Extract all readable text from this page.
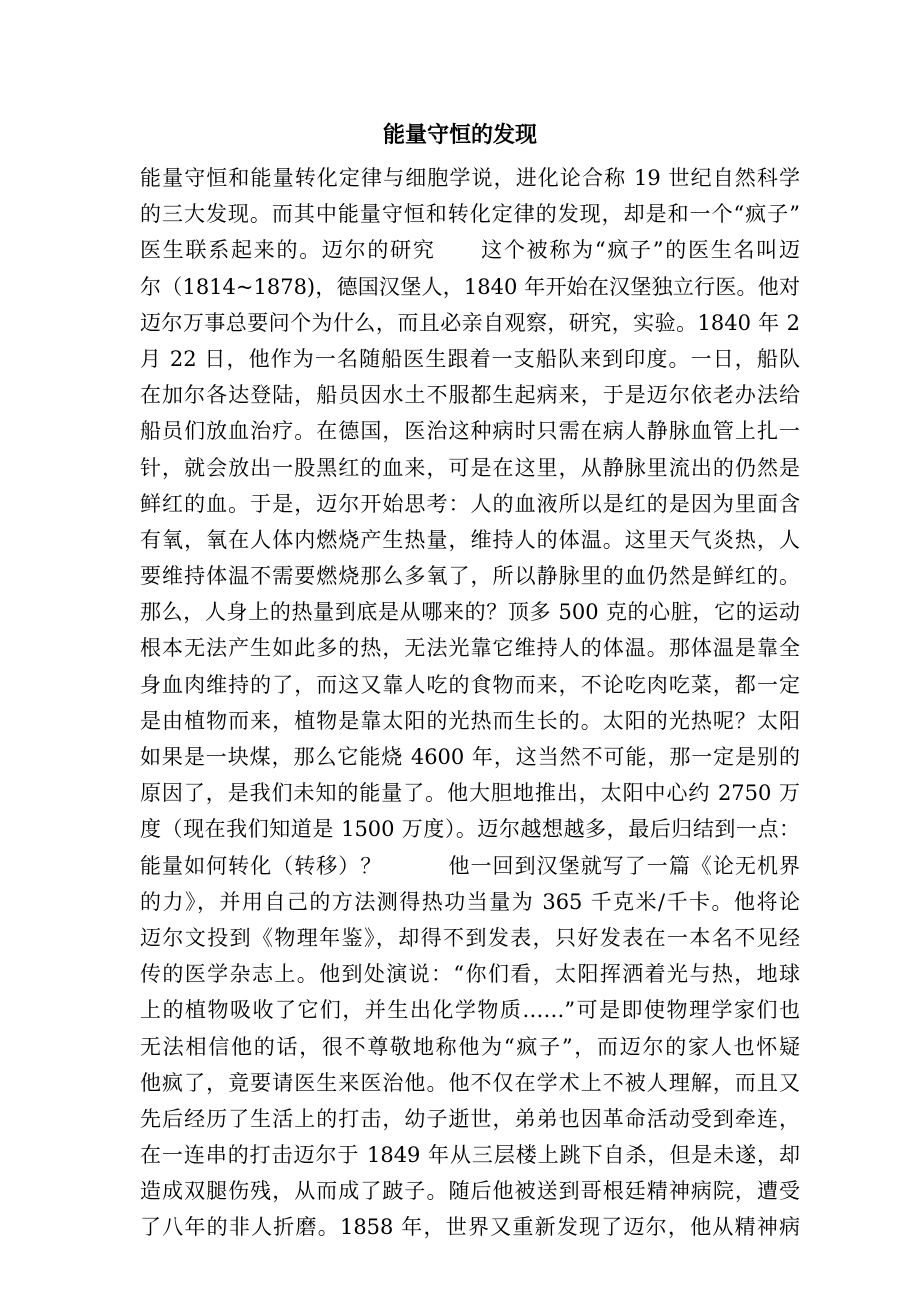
能量守恒的发现
能量守恒和能量转化定律与细胞学说，进化论合称 19 世纪自然科学
的三大发现。而其中能量守恒和转化定律的发现，却是和一个“疯子”
医生联系起来的。迈尔的研究　　这个被称为“疯子”的医生名叫迈
尔（1814~1878)，德国汉堡人，1840 年开始在汉堡独立行医。他对
迈尔万事总要问个为什么，而且必亲自观察，研究，实验。1840 年 2
月 22 日，他作为一名随船医生跟着一支船队来到印度。一日，船队
在加尔各达登陆，船员因水土不服都生起病来，于是迈尔依老办法给
船员们放血治疗。在德国，医治这种病时只需在病人静脉血管上扎一
针，就会放出一股黑红的血来，可是在这里，从静脉里流出的仍然是
鲜红的血。于是，迈尔开始思考：人的血液所以是红的是因为里面含
有氧，氧在人体内燃烧产生热量，维持人的体温。这里天气炎热，人
要维持体温不需要燃烧那么多氧了，所以静脉里的血仍然是鲜红的。
那么，人身上的热量到底是从哪来的？顶多 500 克的心脏，它的运动
根本无法产生如此多的热，无法光靠它维持人的体温。那体温是靠全
身血肉维持的了，而这又靠人吃的食物而来，不论吃肉吃菜，都一定
是由植物而来，植物是靠太阳的光热而生长的。太阳的光热呢？太阳
如果是一块煤，那么它能烧 4600 年，这当然不可能，那一定是别的
原因了，是我们未知的能量了。他大胆地推出，太阳中心约 2750 万
度（现在我们知道是 1500 万度）。迈尔越想越多，最后归结到一点：
能量如何转化（转移）？　　　他一回到汉堡就写了一篇《论无机界
的力》，并用自己的方法测得热功当量为 365 千克米/千卡。他将论
迈尔文投到《物理年鉴》，却得不到发表，只好发表在一本名不见经
传的医学杂志上。他到处演说：“你们看，太阳挥洒着光与热，地球
上的植物吸收了它们，并生出化学物质……”可是即使物理学家们也
无法相信他的话，很不尊敬地称他为“疯子”，而迈尔的家人也怀疑
他疯了，竟要请医生来医治他。他不仅在学术上不被人理解，而且又
先后经历了生活上的打击，幼子逝世，弟弟也因革命活动受到牵连，
在一连串的打击迈尔于 1849 年从三层楼上跳下自杀，但是未遂，却
造成双腿伤残，从而成了跛子。随后他被送到哥根廷精神病院，遭受
了八年的非人折磨。1858 年，世界又重新发现了迈尔，他从精神病
